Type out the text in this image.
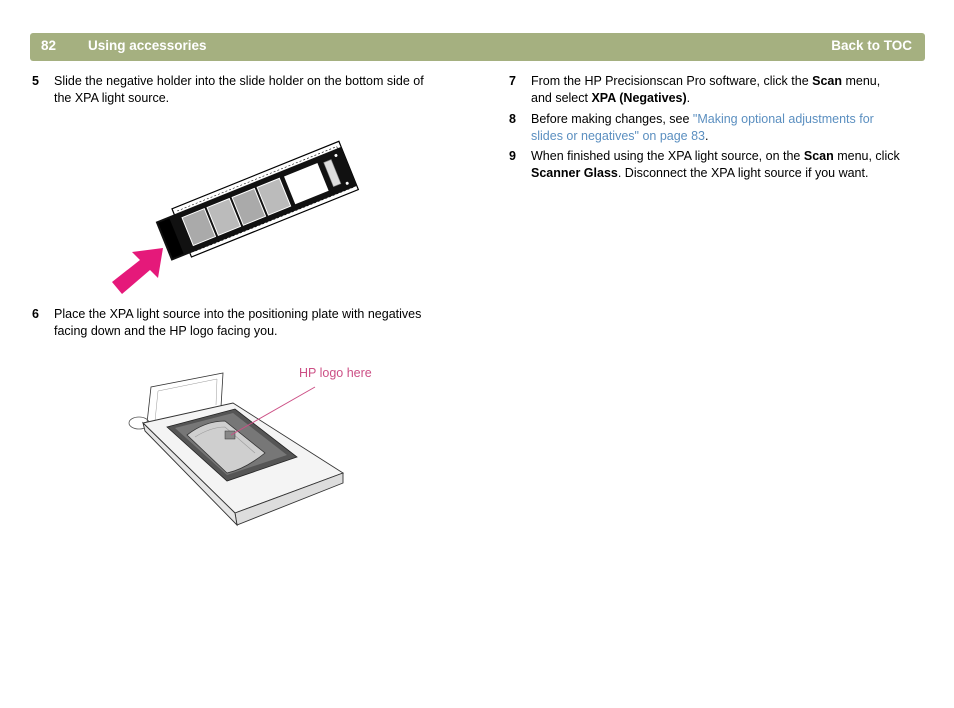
82 Using accessories	Back to TOC
5 Slide the negative holder into the slide holder on the bottom side of
the XPA light source.
6 Place the XPA light source into the positioning plate with negatives
facing down and the HP logo facing you.
HP logo here
7 From the HP Precisionscan Pro software, click the Scan menu,
and select XPA (Negatives).
8 Before making changes, see "Making optional adjustments for
slides or negatives" on page 83.
9 When finished using the XPA light source, on the Scan menu, click
Scanner Glass. Disconnect the XPA light source if you want.
